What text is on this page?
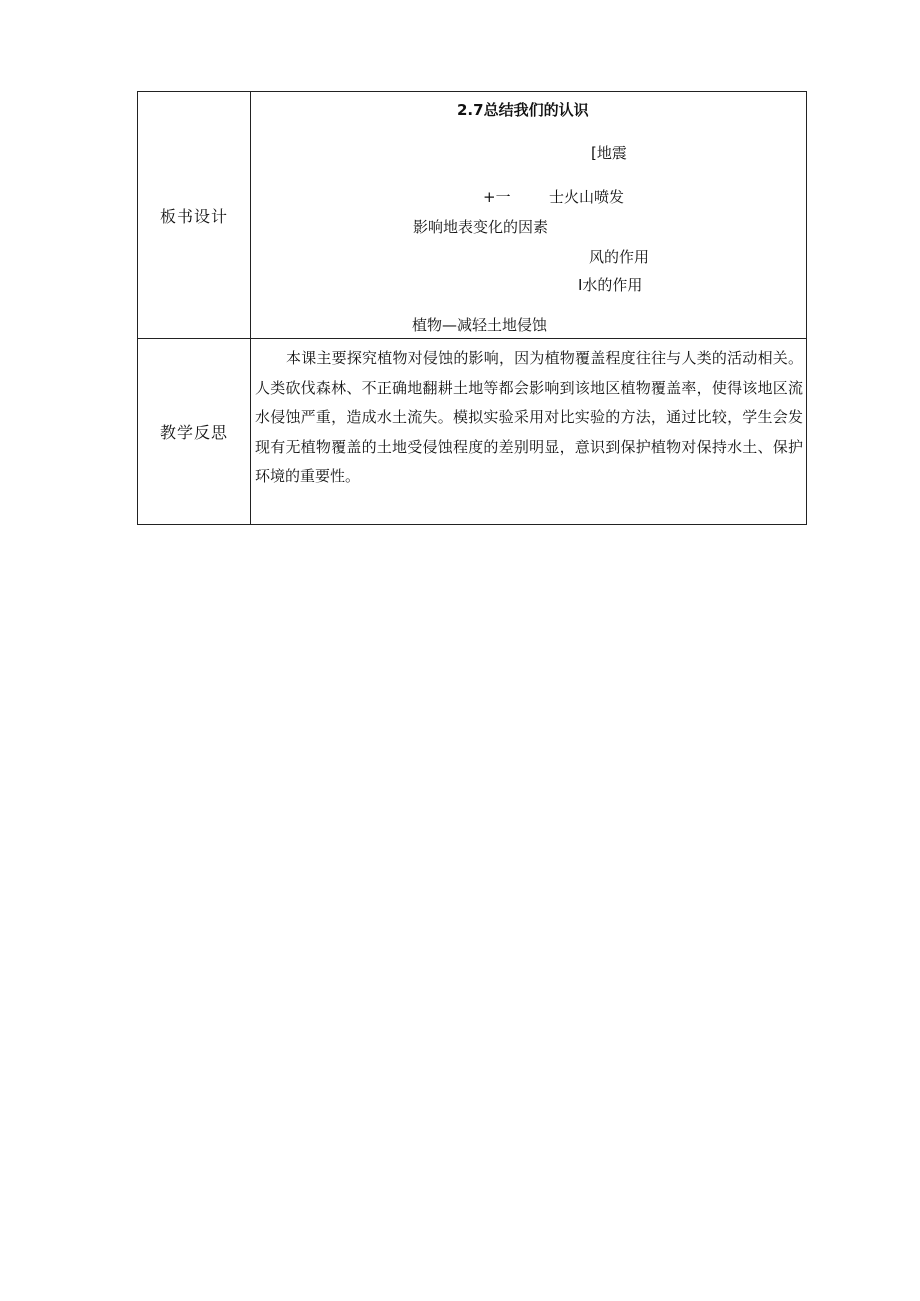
板书设计
2.7总结我们的认识
[地震
+一	士火山喷发
影响地表变化的因素
风的作用
I水的作用
植物—减轻土地侵蚀
教学反思
本课主要探究植物对侵蚀的影响，因为植物覆盖程度往往与人类的活动相关。人类砍伐森林、不正确地翻耕土地等都会影响到该地区植物覆盖率，使得该地区流水侵蚀严重，造成水土流失。模拟实验采用对比实验的方法，通过比较，学生会发现有无植物覆盖的土地受侵蚀程度的差别明显，意识到保护植物对保持水土、保护环境的重要性。
